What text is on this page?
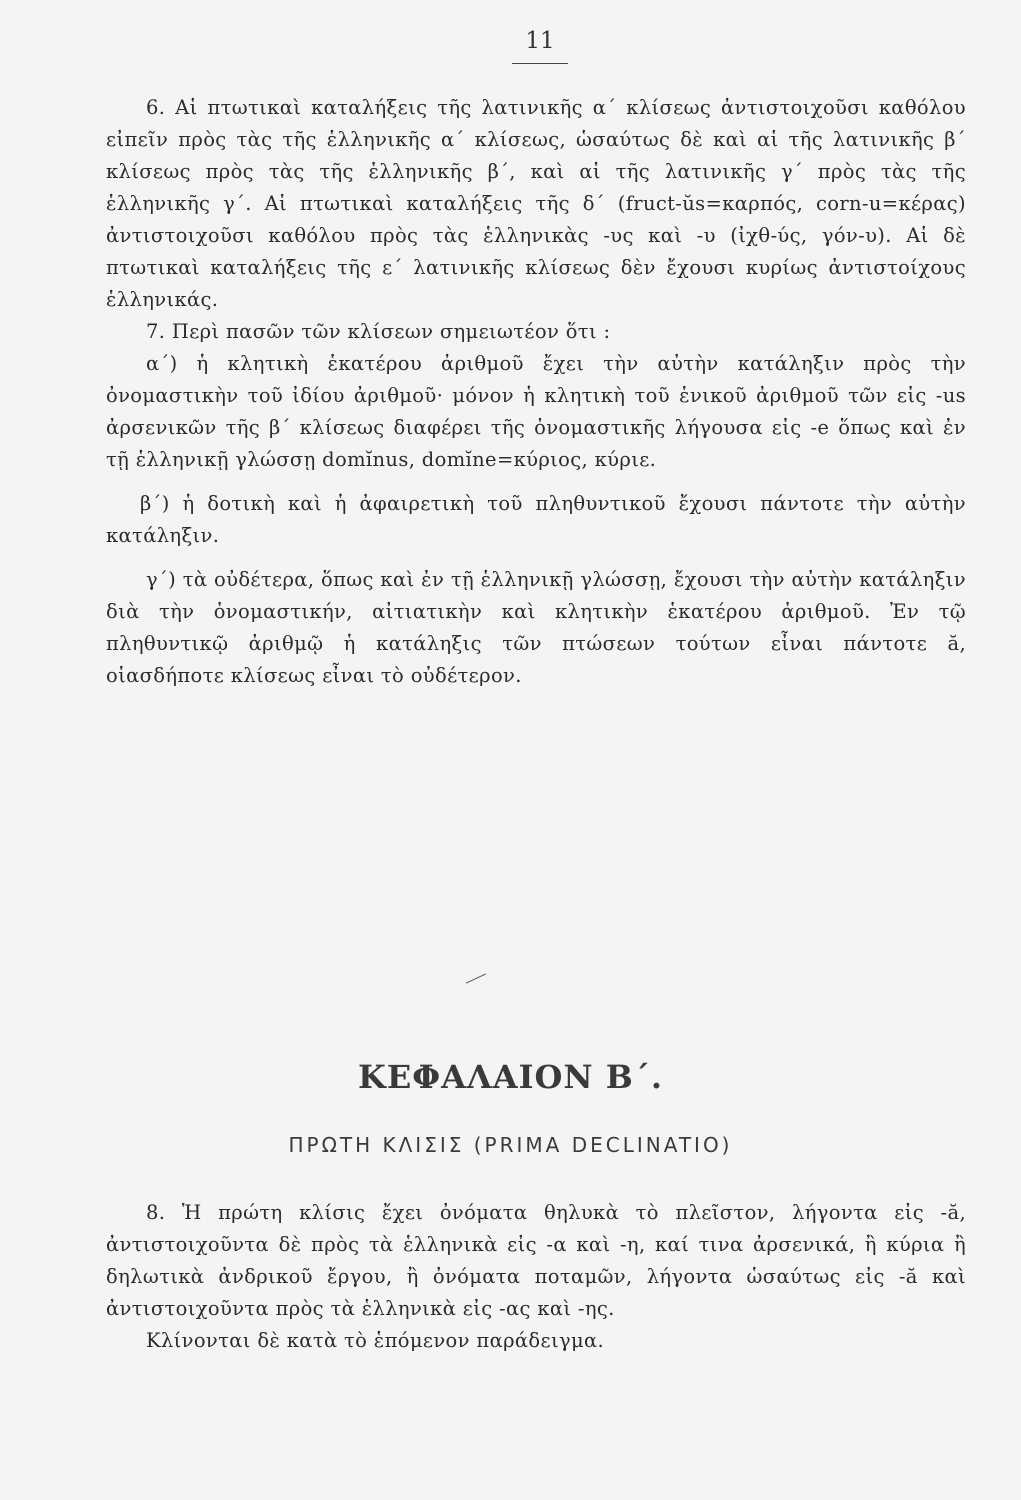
11

6. Αἱ πτωτικαὶ καταλήξεις τῆς λατινικῆς α΄ κλίσεως ἀντιστοιχοῦσι καθόλου εἰπεῖν πρὸς τὰς τῆς ἑλληνικῆς α΄ κλίσεως, ὡσαύτως δὲ καὶ αἱ τῆς λατινικῆς β΄ κλίσεως πρὸς τὰς τῆς ἑλληνικῆς β΄, καὶ αἱ τῆς λατινικῆς γ΄ πρὸς τὰς τῆς ἑλληνικῆς γ΄. Αἱ πτωτικαὶ καταλήξεις τῆς δ΄ (fruct-ŭs=καρπός, corn-u=κέρας) ἀντιστοιχοῦσι καθόλου πρὸς τὰς ἑλληνικὰς -υς καὶ -υ (ἰχθ-ύς, γόν-υ). Αἱ δὲ πτωτικαὶ καταλήξεις τῆς ε΄ λατινικῆς κλίσεως δὲν ἔχουσι κυρίως ἀντιστοίχους ἑλληνικάς.

7. Περὶ πασῶν τῶν κλίσεων σημειωτέον ὅτι :

α΄) ἡ κλητικὴ ἑκατέρου ἀριθμοῦ ἔχει τὴν αὐτὴν κατάληξιν πρὸς τὴν ὀνομαστικὴν τοῦ ἰδίου ἀριθμοῦ· μόνον ἡ κλητικὴ τοῦ ἑνικοῦ ἀριθμοῦ τῶν εἰς -us ἀρσενικῶν τῆς β΄ κλίσεως διαφέρει τῆς ὀνομαστικῆς λήγουσα εἰς -e ὅπως καὶ ἐν τῇ ἑλληνικῇ γλώσσῃ domĭnus, domĭne=κύριος, κύριε.

β΄) ἡ δοτικὴ καὶ ἡ ἀφαιρετικὴ τοῦ πληθυντικοῦ ἔχουσι πάντοτε τὴν αὐτὴν κατάληξιν.

γ΄) τὰ οὐδέτερα, ὅπως καὶ ἐν τῇ ἑλληνικῇ γλώσσῃ, ἔχουσι τὴν αὐτὴν κατάληξιν διὰ τὴν ὀνομαστικήν, αἰτιατικὴν καὶ κλητικὴν ἑκατέρου ἀριθμοῦ. Ἐν τῷ πληθυντικῷ ἀριθμῷ ἡ κατάληξις τῶν πτώσεων τούτων εἶναι πάντοτε ă, οἱασδήποτε κλίσεως εἶναι τὸ οὐδέτερον.

ΚΕΦΑΛΑΙΟΝ Β΄.
ΠΡΩΤΗ ΚΛΙΣΙΣ (PRIMA DECLINATIO)

8. Ἡ πρώτη κλίσις ἔχει ὀνόματα θηλυκὰ τὸ πλεῖστον, λήγοντα εἰς -ă, ἀντιστοιχοῦντα δὲ πρὸς τὰ ἑλληνικὰ εἰς -α καὶ -η, καί τινα ἀρσενικά, ἢ κύρια ἢ δηλωτικὰ ἀνδρικοῦ ἔργου, ἢ ὀνόματα ποταμῶν, λήγοντα ὡσαύτως εἰς -ă καὶ ἀντιστοιχοῦντα πρὸς τὰ ἑλληνικὰ εἰς -ας καὶ -ης.

Κλίνονται δὲ κατὰ τὸ ἑπόμενον παράδειγμα.
